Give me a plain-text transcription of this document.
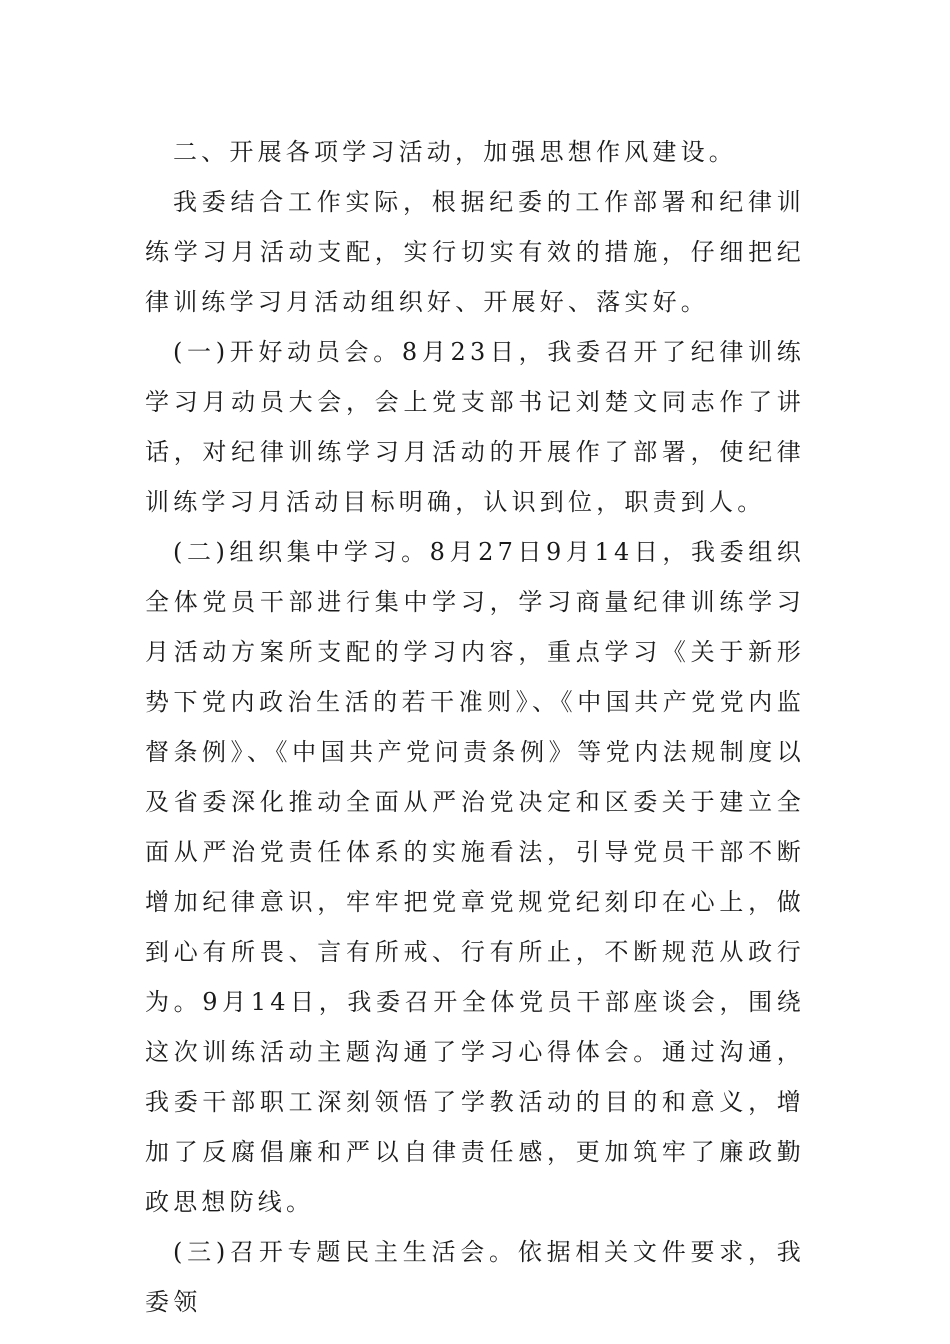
二、开展各项学习活动，加强思想作风建设。

我委结合工作实际，根据纪委的工作部署和纪律训练学习月活动支配，实行切实有效的措施，仔细把纪律训练学习月活动组织好、开展好、落实好。

(一)开好动员会。8月23日，我委召开了纪律训练学习月动员大会，会上党支部书记刘楚文同志作了讲话，对纪律训练学习月活动的开展作了部署，使纪律训练学习月活动目标明确，认识到位，职责到人。

(二)组织集中学习。8月27日9月14日，我委组织全体党员干部进行集中学习，学习商量纪律训练学习月活动方案所支配的学习内容，重点学习《关于新形势下党内政治生活的若干准则》、《中国共产党党内监督条例》、《中国共产党问责条例》等党内法规制度以及省委深化推动全面从严治党决定和区委关于建立全面从严治党责任体系的实施看法，引导党员干部不断增加纪律意识，牢牢把党章党规党纪刻印在心上，做到心有所畏、言有所戒、行有所止，不断规范从政行为。9月14日，我委召开全体党员干部座谈会，围绕这次训练活动主题沟通了学习心得体会。通过沟通，我委干部职工深刻领悟了学教活动的目的和意义，增加了反腐倡廉和严以自律责任感，更加筑牢了廉政勤政思想防线。

(三)召开专题民主生活会。依据相关文件要求，我委领
